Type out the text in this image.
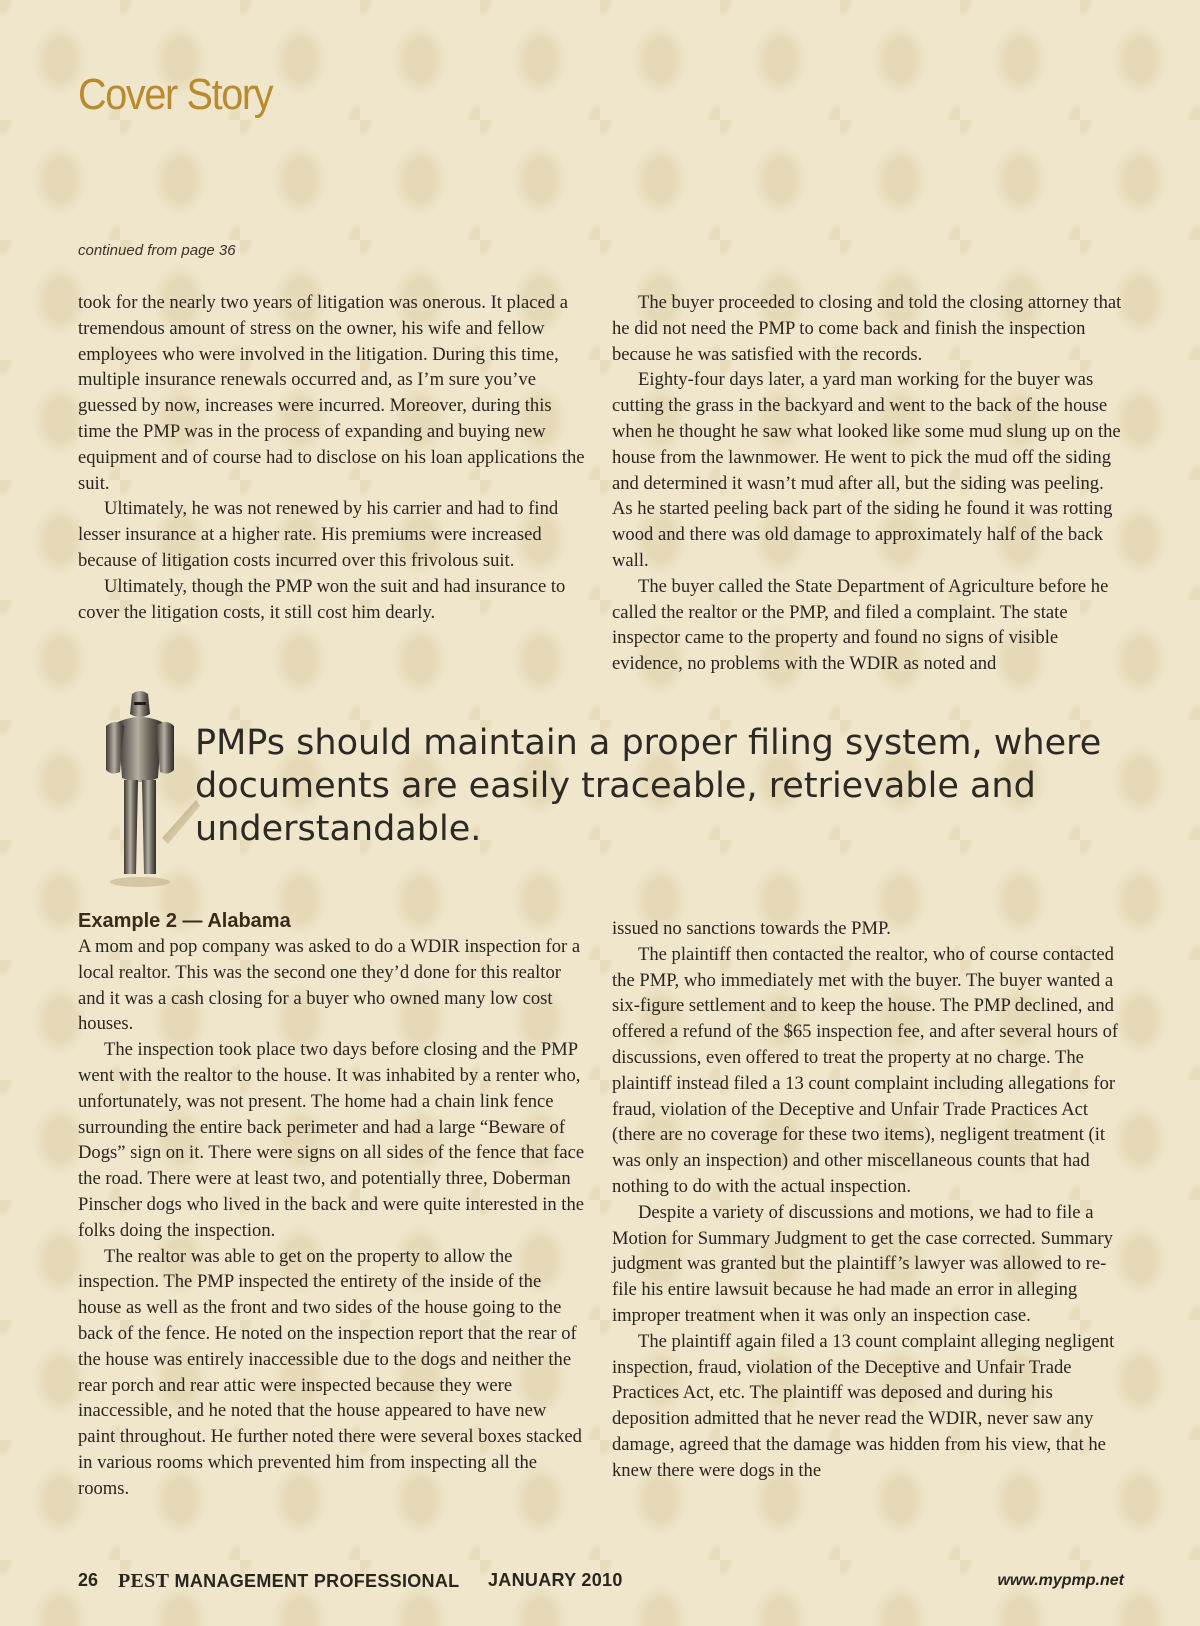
Cover Story
continued from page 36

took for the nearly two years of litigation was onerous. It placed a tremendous amount of stress on the owner, his wife and fellow employees who were involved in the litigation. During this time, multiple insurance renewals occurred and, as I’m sure you’ve guessed by now, increases were incurred. Moreover, during this time the PMP was in the process of expanding and buying new equipment and of course had to disclose on his loan applications the suit.

Ultimately, he was not renewed by his carrier and had to find lesser insurance at a higher rate. His premiums were increased because of litigation costs incurred over this frivolous suit.

Ultimately, though the PMP won the suit and had insurance to cover the litigation costs, it still cost him dearly.

The buyer proceeded to closing and told the closing attorney that he did not need the PMP to come back and finish the inspection because he was satisfied with the records.

Eighty-four days later, a yard man working for the buyer was cutting the grass in the backyard and went to the back of the house when he thought he saw what looked like some mud slung up on the house from the lawnmower. He went to pick the mud off the siding and determined it wasn’t mud after all, but the siding was peeling. As he started peeling back part of the siding he found it was rotting wood and there was old damage to approximately half of the back wall.

The buyer called the State Department of Agriculture before he called the realtor or the PMP, and filed a complaint. The state inspector came to the property and found no signs of visible evidence, no problems with the WDIR as noted and

PMPs should maintain a proper filing system, where documents are easily traceable, retrievable and understandable.
Example 2 — Alabama

A mom and pop company was asked to do a WDIR inspection for a local realtor. This was the second one they’d done for this realtor and it was a cash closing for a buyer who owned many low cost houses.

The inspection took place two days before closing and the PMP went with the realtor to the house. It was inhabited by a renter who, unfortunately, was not present. The home had a chain link fence surrounding the entire back perimeter and had a large “Beware of Dogs” sign on it. There were signs on all sides of the fence that face the road. There were at least two, and potentially three, Doberman Pinscher dogs who lived in the back and were quite interested in the folks doing the inspection.

The realtor was able to get on the property to allow the inspection. The PMP inspected the entirety of the inside of the house as well as the front and two sides of the house going to the back of the fence. He noted on the inspection report that the rear of the house was entirely inaccessible due to the dogs and neither the rear porch and rear attic were inspected because they were inaccessible, and he noted that the house appeared to have new paint throughout. He further noted there were several boxes stacked in various rooms which prevented him from inspecting all the rooms.

issued no sanctions towards the PMP.

The plaintiff then contacted the realtor, who of course contacted the PMP, who immediately met with the buyer. The buyer wanted a six-figure settlement and to keep the house. The PMP declined, and offered a refund of the $65 inspection fee, and after several hours of discussions, even offered to treat the property at no charge. The plaintiff instead filed a 13 count complaint including allegations for fraud, violation of the Deceptive and Unfair Trade Practices Act (there are no coverage for these two items), negligent treatment (it was only an inspection) and other miscellaneous counts that had nothing to do with the actual inspection.

Despite a variety of discussions and motions, we had to file a Motion for Summary Judgment to get the case corrected. Summary judgment was granted but the plaintiff’s lawyer was allowed to re-file his entire lawsuit because he had made an error in alleging improper treatment when it was only an inspection case.

The plaintiff again filed a 13 count complaint alleging negligent inspection, fraud, violation of the Deceptive and Unfair Trade Practices Act, etc. The plaintiff was deposed and during his deposition admitted that he never read the WDIR, never saw any damage, agreed that the damage was hidden from his view, that he knew there were dogs in the

26 PEST MANAGEMENT PROFESSIONAL JANUARY 2010	www.mypmp.net
